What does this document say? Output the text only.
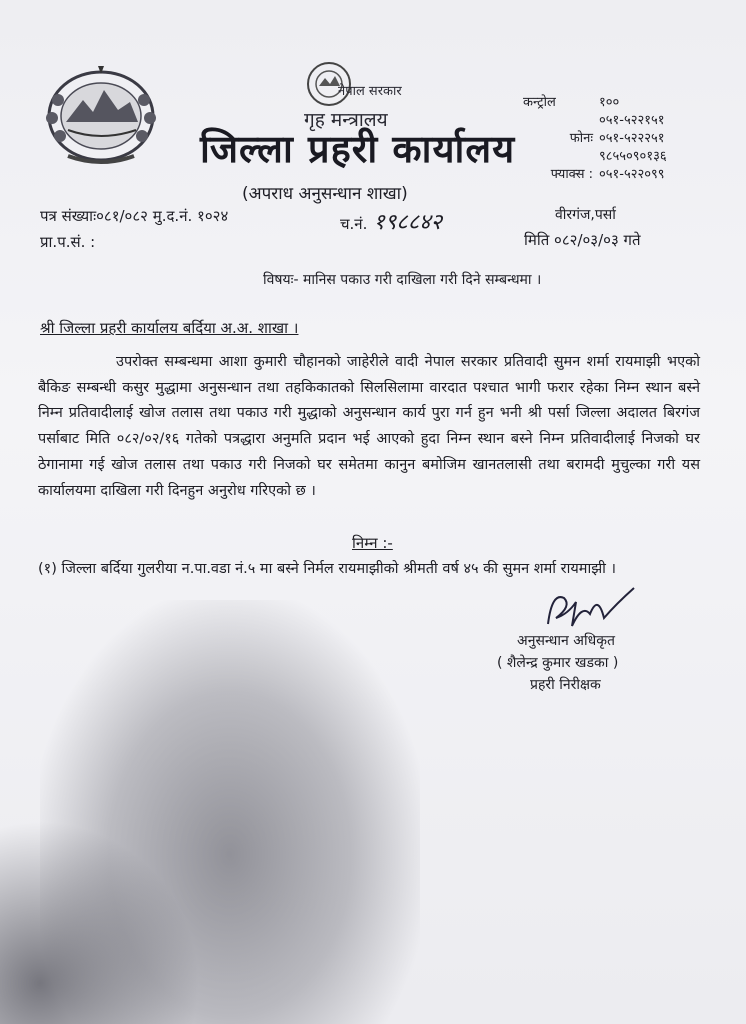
नेपाल सरकार
गृह मन्त्रालय
जिल्ला प्रहरी कार्यालय
(अपराध अनुसन्धान शाखा)
कन्ट्रोल	१००
०५१-५२२१५१
फोनः ०५१-५२२२५१
९८५५०९०१३६
फ्याक्स : ०५१-५२२०९९
वीरगंज,पर्सा
पत्र संख्याः०८१/०८२ मु.द.नं. १०२४	च.नं. १९८८४२
प्रा.प.सं. :	मिति ०८२/०३/०३ गते
विषयः- मानिस पकाउ गरी दाखिला गरी दिने सम्बन्धमा ।
श्री जिल्ला प्रहरी कार्यालय बर्दिया अ.अ. शाखा ।
उपरोक्त सम्बन्धमा आशा कुमारी चौहानको जाहेरीले वादी नेपाल सरकार प्रतिवादी सुमन शर्मा रायमाझी भएको बैकिङ सम्बन्धी कसुर मुद्धामा अनुसन्धान तथा तहकिकातको सिलसिलामा वारदात पश्चात भागी फरार रहेका निम्न स्थान बस्ने निम्न प्रतिवादीलाई खोज तलास तथा पकाउ गरी मुद्धाको अनुसन्धान कार्य पुरा गर्न हुन भनी श्री पर्सा जिल्ला अदालत बिरगंज पर्साबाट मिति ०८२/०२/१६ गतेको पत्रद्धारा अनुमति प्रदान भई आएको हुदा निम्न स्थान बस्ने निम्न प्रतिवादीलाई निजको घर ठेगानामा गई खोज तलास तथा पकाउ गरी निजको घर समेतमा कानुन बमोजिम खानतलासी तथा बरामदी मुचुल्का गरी यस कार्यालयमा दाखिला गरी दिनहुन अनुरोध गरिएको छ ।
निम्न :-
(१) जिल्ला बर्दिया गुलरीया न.पा.वडा नं.५ मा बस्ने निर्मल रायमाझीको श्रीमती वर्ष ४५ की सुमन शर्मा रायमाझी ।
अनुसन्धान अधिकृत
( शैलेन्द्र कुमार खडका )
प्रहरी निरीक्षक
